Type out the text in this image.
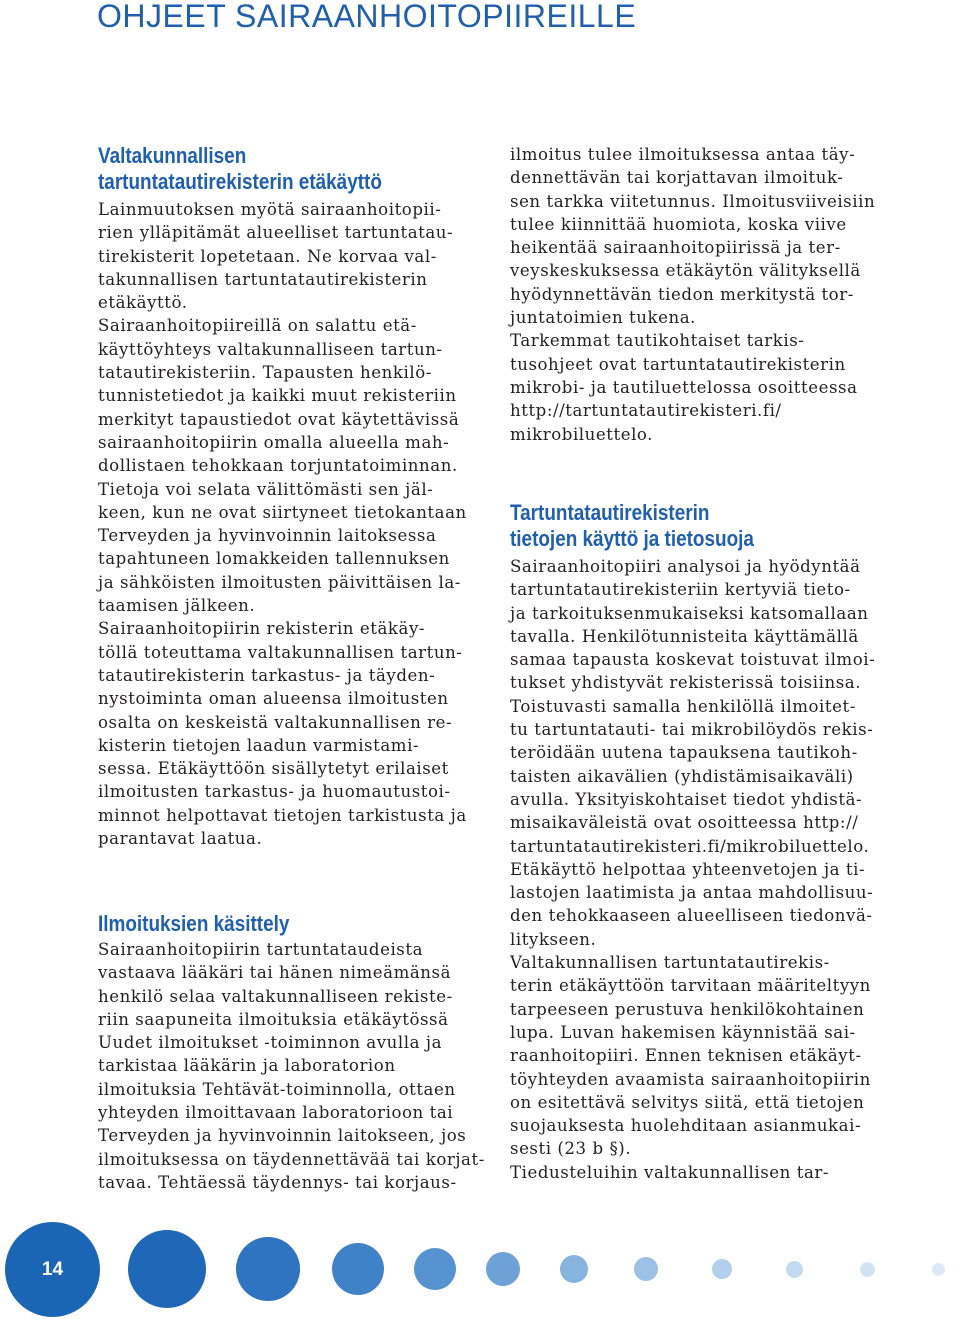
OHJEET SAIRAANHOITOPIIREILLE
Valtakunnallisen
tartuntatautirekisterin etäkäyttö
Lainmuutoksen myötä sairaanhoitopii-
rien ylläpitämät alueelliset tartuntatau-
tirekisterit lopetetaan. Ne korvaa val-
takunnallisen tartuntatautirekisterin
etäkäyttö.
Sairaanhoitopiireillä on salattu etä-
käyttöyhteys valtakunnalliseen tartun-
tatautirekisteriin. Tapausten henkilö-
tunnistetiedot ja kaikki muut rekisteriin
merkityt tapaustiedot ovat käytettävissä
sairaanhoitopiirin omalla alueella mah-
dollistaen tehokkaan torjuntatoiminnan.
Tietoja voi selata välittömästi sen jäl-
keen, kun ne ovat siirtyneet tietokantaan
Terveyden ja hyvinvoinnin laitoksessa
tapahtuneen lomakkeiden tallennuksen
ja sähköisten ilmoitusten päivittäisen la-
taamisen jälkeen.
Sairaanhoitopiirin rekisterin etäkäy-
töllä toteuttama valtakunnallisen tartun-
tatautirekisterin tarkastus- ja täyden-
nystoiminta oman alueensa ilmoitusten
osalta on keskeistä valtakunnallisen re-
kisterin tietojen laadun varmistami-
sessa. Etäkäyttöön sisällytetyt erilaiset
ilmoitusten tarkastus- ja huomautustoi-
minnot helpottavat tietojen tarkistusta ja
parantavat laatua.
Ilmoituksien käsittely
Sairaanhoitopiirin tartuntataudeista
vastaava lääkäri tai hänen nimeämänsä
henkilö selaa valtakunnalliseen rekiste-
riin saapuneita ilmoituksia etäkäytössä
Uudet ilmoitukset -toiminnon avulla ja
tarkistaa lääkärin ja laboratorion
ilmoituksia Tehtävät-toiminnolla, ottaen
yhteyden ilmoittavaan laboratorioon tai
Terveyden ja hyvinvoinnin laitokseen, jos
ilmoituksessa on täydennettävää tai korjat-
tavaa. Tehtäessä täydennys- tai korjaus-
ilmoitus tulee ilmoituksessa antaa täy-
dennettävän tai korjattavan ilmoituk-
sen tarkka viitetunnus. Ilmoitusviiveisiin
tulee kiinnittää huomiota, koska viive
heikentää sairaanhoitopiirissä ja ter-
veyskeskuksessa etäkäytön välityksellä
hyödynnettävän tiedon merkitystä tor-
juntatoimien tukena.
Tarkemmat tautikohtaiset tarkis-
tusohjeet ovat tartuntatautirekisterin
mikrobi- ja tautiluettelossa osoitteessa
http://tartuntatautirekisteri.fi/
mikrobiluettelo.
Tartuntatautirekisterin
tietojen käyttö ja tietosuoja
Sairaanhoitopiiri analysoi ja hyödyntää
tartuntatautirekisteriin kertyviä tieto-
ja tarkoituksenmukaiseksi katsomallaan
tavalla. Henkilötunnisteita käyttämällä
samaa tapausta koskevat toistuvat ilmoi-
tukset yhdistyvät rekisterissä toisiinsa.
Toistuvasti samalla henkilöllä ilmoitet-
tu tartuntatauti- tai mikrobilöydös rekis-
teröidään uutena tapauksena tautikoh-
taisten aikavälien (yhdistämisaikaväli)
avulla. Yksityiskohtaiset tiedot yhdistä-
misaikaväleistä ovat osoitteessa http://
tartuntatautirekisteri.fi/mikrobiluettelo.
Etäkäyttö helpottaa yhteenvetojen ja ti-
lastojen laatimista ja antaa mahdollisuu-
den tehokkaaseen alueelliseen tiedonvä-
litykseen.
Valtakunnallisen tartuntatautirekis-
terin etäkäyttöön tarvitaan määriteltyyn
tarpeeseen perustuva henkilökohtainen
lupa. Luvan hakemisen käynnistää sai-
raanhoitopiiri. Ennen teknisen etäkäyt-
töyhteyden avaamista sairaanhoitopiirin
on esitettävä selvitys siitä, että tietojen
suojauksesta huolehditaan asianmukai-
sesti (23 b §).
Tiedusteluihin valtakunnallisen tar-
14
